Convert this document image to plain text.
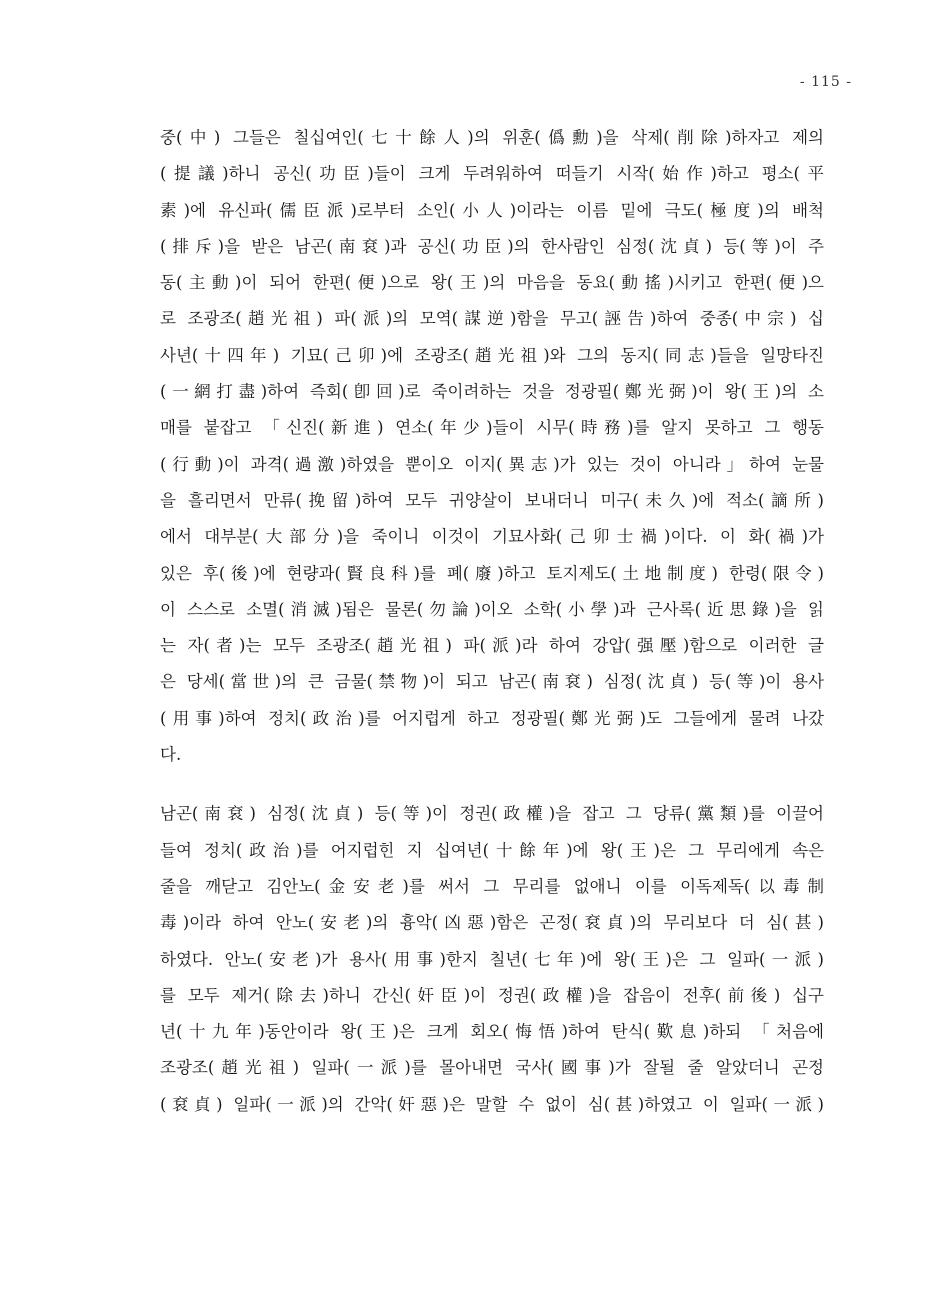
- 115 -
중(中) 그들은 칠십여인(七十餘人)의 위훈(僞勳)을 삭제(削除)하자고 제의
(提議)하니 공신(功臣)들이 크게 두려워하여 떠들기 시작(始作)하고 평소(平
素)에 유신파(儒臣派)로부터 소인(小人)이라는 이름 밑에 극도(極度)의 배척
(排斥)을 받은 남곤(南袞)과 공신(功臣)의 한사람인 심정(沈貞) 등(等)이 주
동(主動)이 되어 한편(便)으로 왕(王)의 마음을 동요(動搖)시키고 한편(便)으
로 조광조(趙光祖) 파(派)의 모역(謀逆)함을 무고(誣告)하여 중종(中宗) 십
사년(十四年) 기묘(己卯)에 조광조(趙光祖)와 그의 동지(同志)들을 일망타진
(一網打盡)하여 즉회(卽回)로 죽이려하는 것을 정광필(鄭光弼)이 왕(王)의 소
매를 붙잡고 「신진(新進) 연소(年少)들이 시무(時務)를 알지 못하고 그 행동
(行動)이 과격(過激)하였을 뿐이오 이지(異志)가 있는 것이 아니라」하여 눈물
을 흘리면서 만류(挽留)하여 모두 귀양살이 보내더니 미구(未久)에 적소(謫所)
에서 대부분(大部分)을 죽이니 이것이 기묘사화(己卯士禍)이다. 이 화(禍)가
있은 후(後)에 현량과(賢良科)를 폐(廢)하고 토지제도(土地制度) 한령(限令)
이 스스로 소멸(消滅)됨은 물론(勿論)이오 소학(小學)과 근사록(近思錄)을 읽
는 자(者)는 모두 조광조(趙光祖) 파(派)라 하여 강압(强壓)함으로 이러한 글
은 당세(當世)의 큰 금물(禁物)이 되고 남곤(南袞) 심정(沈貞) 등(等)이 용사
(用事)하여 정치(政治)를 어지럽게 하고 정광필(鄭光弼)도 그들에게 물려 나갔
다.
남곤(南袞) 심정(沈貞) 등(等)이 정권(政權)을 잡고 그 당류(黨類)를 이끌어
들여 정치(政治)를 어지럽힌 지 십여년(十餘年)에 왕(王)은 그 무리에게 속은
줄을 깨닫고 김안노(金安老)를 써서 그 무리를 없애니 이를 이독제독(以毒制
毒)이라 하여 안노(安老)의 흉악(凶惡)함은 곤정(袞貞)의 무리보다 더 심(甚)
하였다. 안노(安老)가 용사(用事)한지 칠년(七年)에 왕(王)은 그 일파(一派)
를 모두 제거(除去)하니 간신(奸臣)이 정권(政權)을 잡음이 전후(前後) 십구
년(十九年)동안이라 왕(王)은 크게 회오(悔悟)하여 탄식(歎息)하되 「처음에
조광조(趙光祖) 일파(一派)를 몰아내면 국사(國事)가 잘될 줄 알았더니 곤정
(袞貞) 일파(一派)의 간악(奸惡)은 말할 수 없이 심(甚)하였고 이 일파(一派)
